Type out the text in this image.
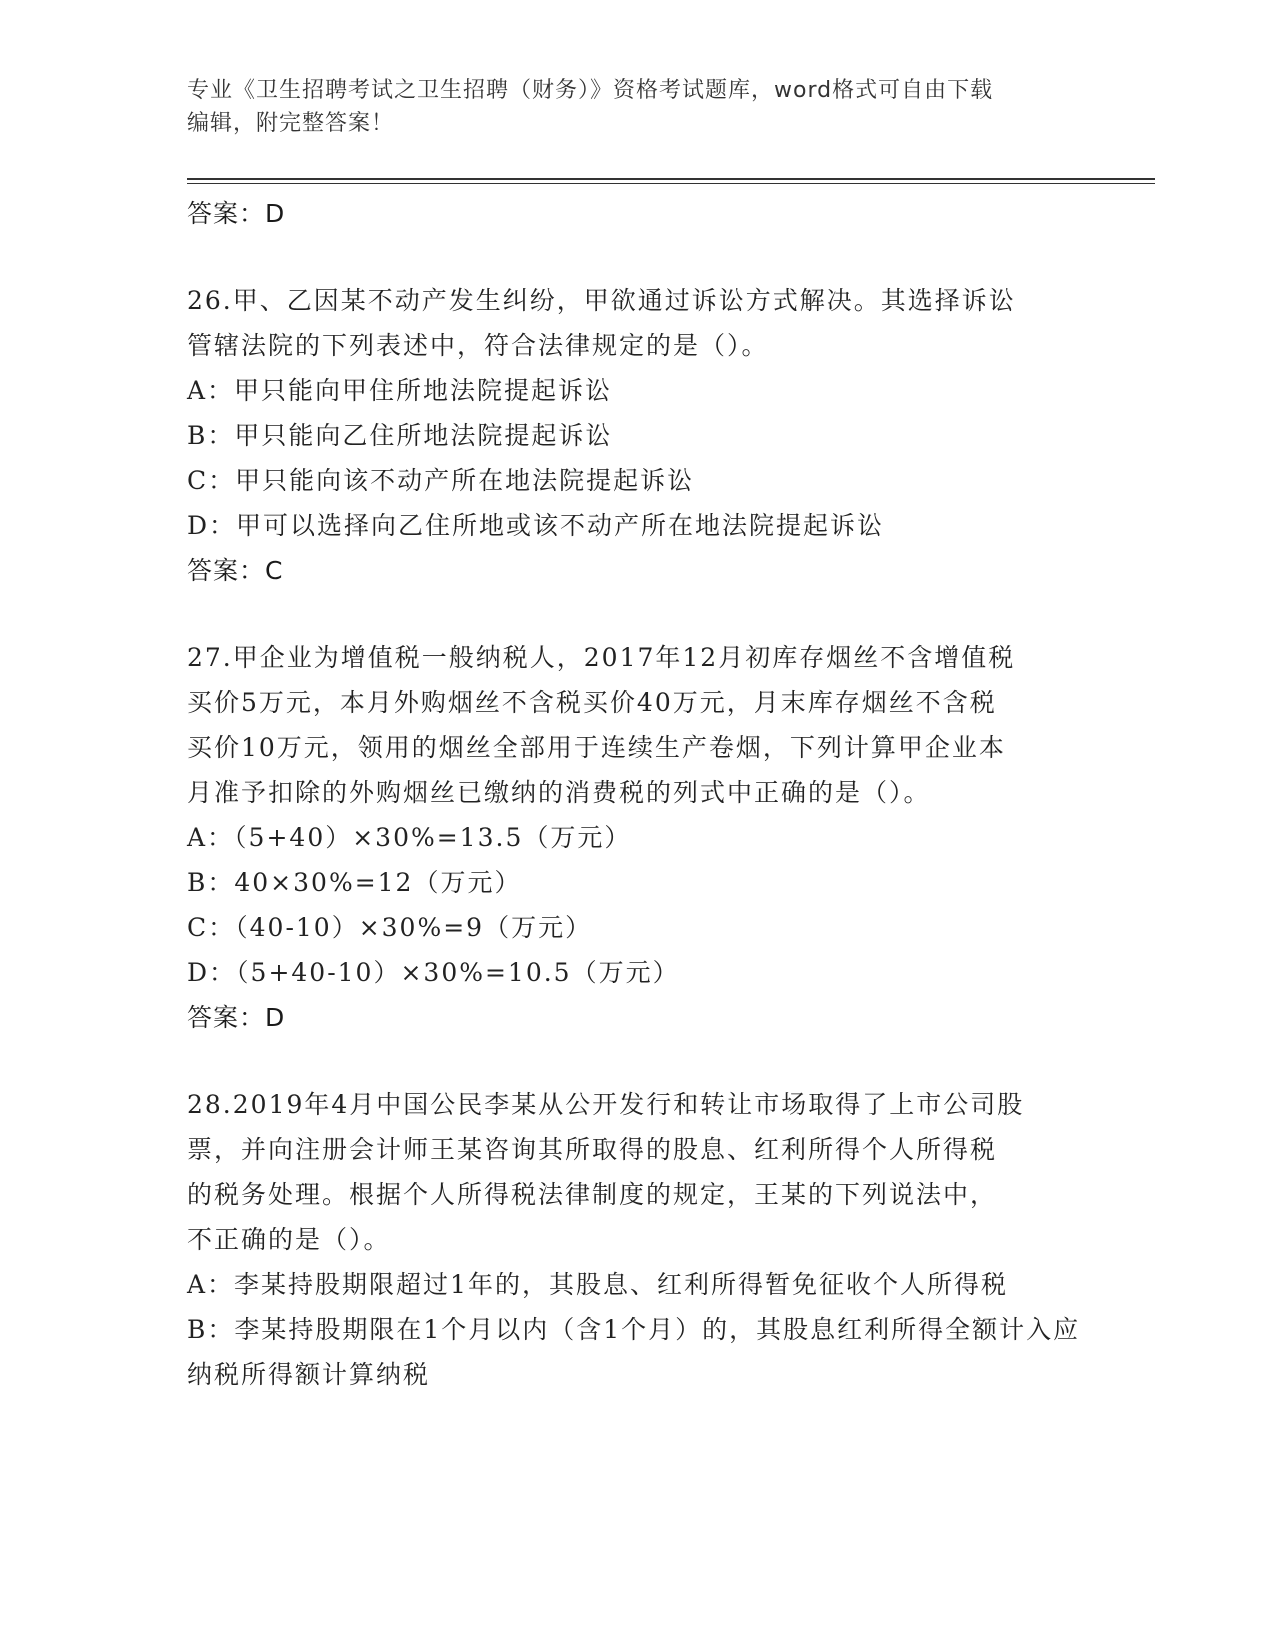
专业《卫生招聘考试之卫生招聘（财务）》资格考试题库，word格式可自由下载
编辑，附完整答案！
答案：D
26.甲、乙因某不动产发生纠纷，甲欲通过诉讼方式解决。其选择诉讼
管辖法院的下列表述中，符合法律规定的是（）。
A：甲只能向甲住所地法院提起诉讼
B：甲只能向乙住所地法院提起诉讼
C：甲只能向该不动产所在地法院提起诉讼
D：甲可以选择向乙住所地或该不动产所在地法院提起诉讼
答案：C
27.甲企业为增值税一般纳税人，2017年12月初库存烟丝不含增值税
买价5万元，本月外购烟丝不含税买价40万元，月末库存烟丝不含税
买价10万元，领用的烟丝全部用于连续生产卷烟，下列计算甲企业本
月准予扣除的外购烟丝已缴纳的消费税的列式中正确的是（）。
A：（5+40）×30%=13.5（万元）
B：40×30%=12（万元）
C：（40-10）×30%=9（万元）
D：（5+40-10）×30%=10.5（万元）
答案：D
28.2019年4月中国公民李某从公开发行和转让市场取得了上市公司股
票，并向注册会计师王某咨询其所取得的股息、红利所得个人所得税
的税务处理。根据个人所得税法律制度的规定，王某的下列说法中，
不正确的是（）。
A：李某持股期限超过1年的，其股息、红利所得暂免征收个人所得税
B：李某持股期限在1个月以内（含1个月）的，其股息红利所得全额计入应纳税所得额计算纳税
